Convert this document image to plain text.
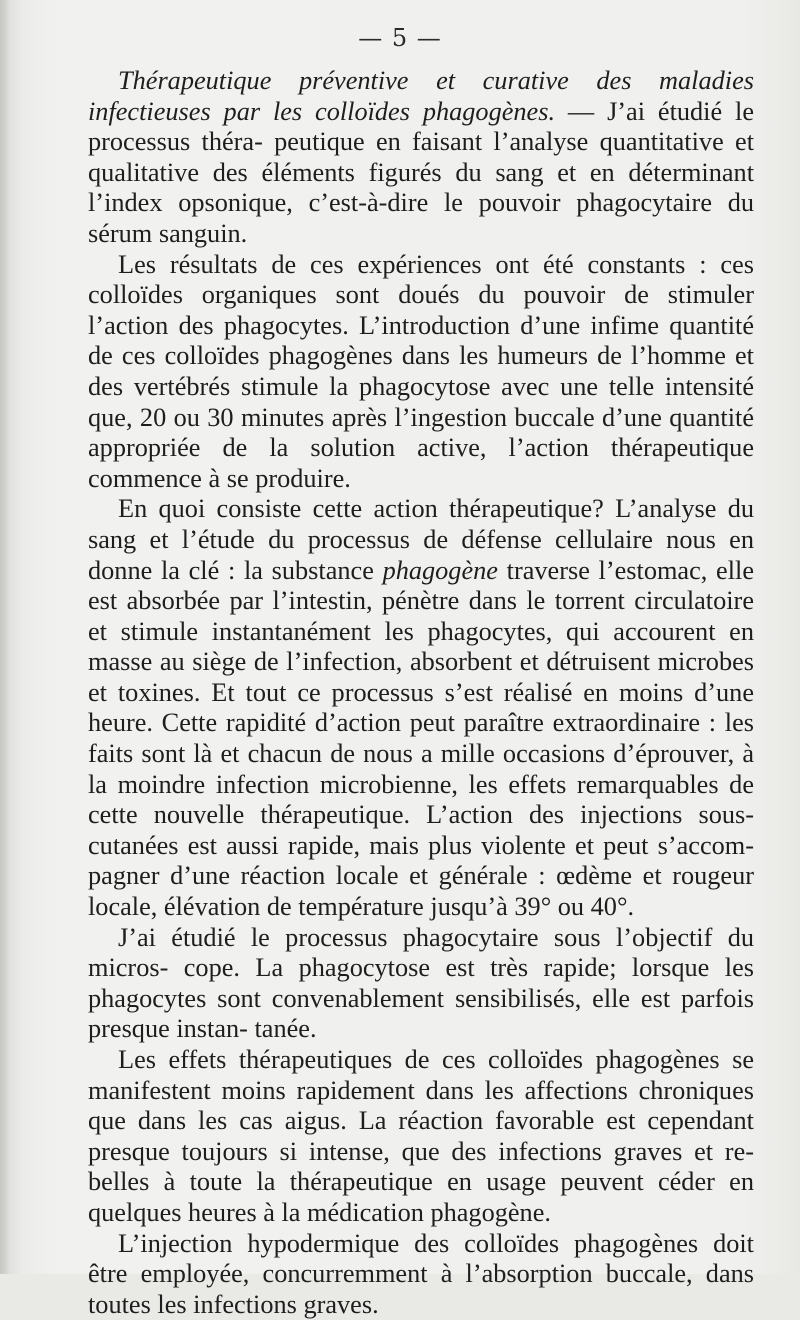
— 5 —

Thérapeutique préventive et curative des maladies infectieuses par les colloïdes phagogènes. — J’ai étudié le processus théra- peutique en faisant l’analyse quantitative et qualitative des éléments figurés du sang et en déterminant l’index opsonique, c’est-à-dire le pouvoir phagocytaire du sérum sanguin.

Les résultats de ces expériences ont été constants : ces colloïdes organiques sont doués du pouvoir de stimuler l’action des phagocytes. L’introduction d’une infime quantité de ces colloïdes phagogènes dans les humeurs de l’homme et des vertébrés stimule la phagocytose avec une telle intensité que, 20 ou 30 minutes après l’ingestion buccale d’une quantité appropriée de la solution active, l’action thérapeutique commence à se produire.

En quoi consiste cette action thérapeutique? L’analyse du sang et l’étude du processus de défense cellulaire nous en donne la clé : la substance phagogène traverse l’estomac, elle est absorbée par l’intestin, pénètre dans le torrent circulatoire et stimule instantanément les phagocytes, qui accourent en masse au siège de l’infection, absorbent et détruisent microbes et toxines. Et tout ce processus s’est réalisé en moins d’une heure. Cette rapidité d’action peut paraître extraordinaire : les faits sont là et chacun de nous a mille occasions d’éprouver, à la moindre infection microbienne, les effets remarquables de cette nouvelle thérapeutique. L’action des injections sous- cutanées est aussi rapide, mais plus violente et peut s’accom- pagner d’une réaction locale et générale : œdème et rougeur locale, élévation de température jusqu’à 39° ou 40°.

J’ai étudié le processus phagocytaire sous l’objectif du micros- cope. La phagocytose est très rapide; lorsque les phagocytes sont convenablement sensibilisés, elle est parfois presque instan- tanée.

Les effets thérapeutiques de ces colloïdes phagogènes se manifestent moins rapidement dans les affections chroniques que dans les cas aigus. La réaction favorable est cependant presque toujours si intense, que des infections graves et re- belles à toute la thérapeutique en usage peuvent céder en quelques heures à la médication phagogène.

L’injection hypodermique des colloïdes phagogènes doit être employée, concurremment à l’absorption buccale, dans toutes les infections graves.
